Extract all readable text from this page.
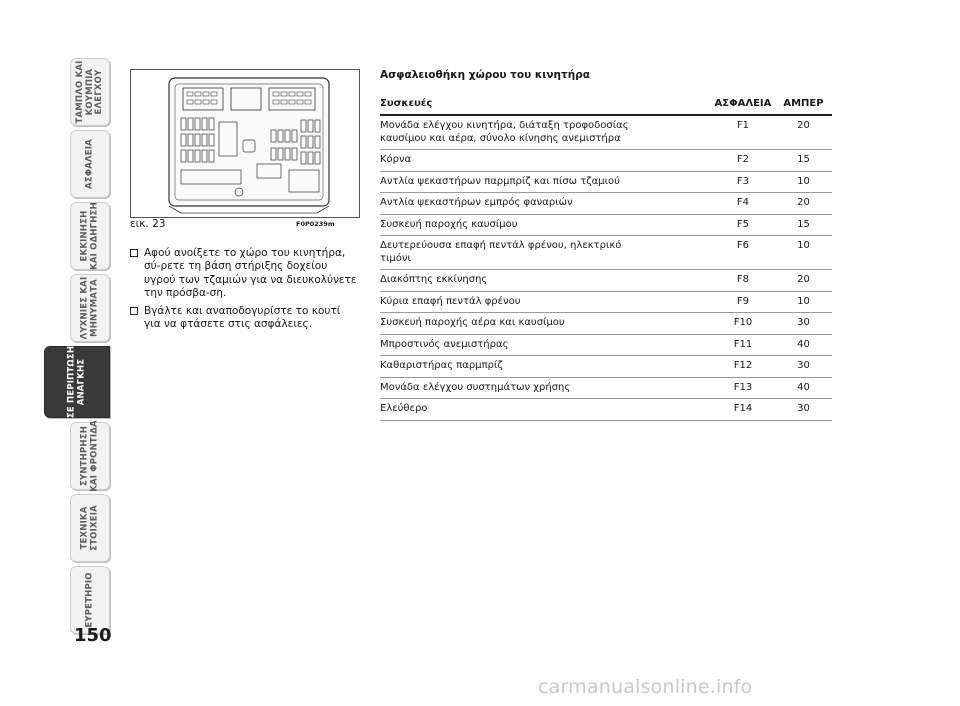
ΤΑΜΠΛΟ ΚΑΙ
ΚΟΥΜΠΙΑ
ΕΛΕΓΧΟΥ
ΑΣΦΑΛΕΙΑ
ΕΚΚΙΝΗΣΗ
ΚΑΙ ΟΔΗΓΗΣΗ
ΛΥΧΝΙΕΣ ΚΑΙ
ΜΗΝΥΜΑΤΑ
ΣΕ ΠΕΡΙΠΤΩΣΗ
ΑΝΑΓΚΗΣ
ΣΥΝΤΗΡΗΣΗ
ΚΑΙ ΦΡΟΝΤΙΔΑ
ΤΕΧΝΙΚΑ
ΣΤΟΙΧΕΙΑ
ΕΥΡΕΤΗΡΙΟ
150
εικ. 23	F0P0239m
Αφού ανοίξετε το χώρο του κινητήρα, σύ-ρετε τη βάση στήριξης δοχείου υγρού των τζαμιών για να διευκολύνετε την πρόσβα-ση.
Βγάλτε και αναποδογυρίστε το κουτί για να φτάσετε στις ασφάλειες.
Ασφαλειοθήκη χώρου του κινητήρα
Συσκευές	ΑΣΦΑΛΕΙΑ	ΑΜΠΕΡ
Μονάδα ελέγχου κινητήρα, διάταξη τροφοδοσίας καυσίμου και αέρα, σύνολο κίνησης ανεμιστήρα	F1	20
Κόρνα	F2	15
Αντλία ψεκαστήρων παρμπρίζ και πίσω τζαμιού	F3	10
Αντλία ψεκαστήρων εμπρός φαναριών	F4	20
Συσκευή παροχής καυσίμου	F5	15
Δευτερεύουσα επαφή πεντάλ φρένου, ηλεκτρικό τιμόνι	F6	10
Διακόπτης εκκίνησης	F8	20
Κύρια επαφή πεντάλ φρένου	F9	10
Συσκευή παροχής αέρα και καυσίμου	F10	30
Μπροστινός ανεμιστήρας	F11	40
Καθαριστήρας παρμπρίζ	F12	30
Μονάδα ελέγχου συστημάτων χρήσης	F13	40
Ελεύθερο	F14	30
carmanualsonline.info
